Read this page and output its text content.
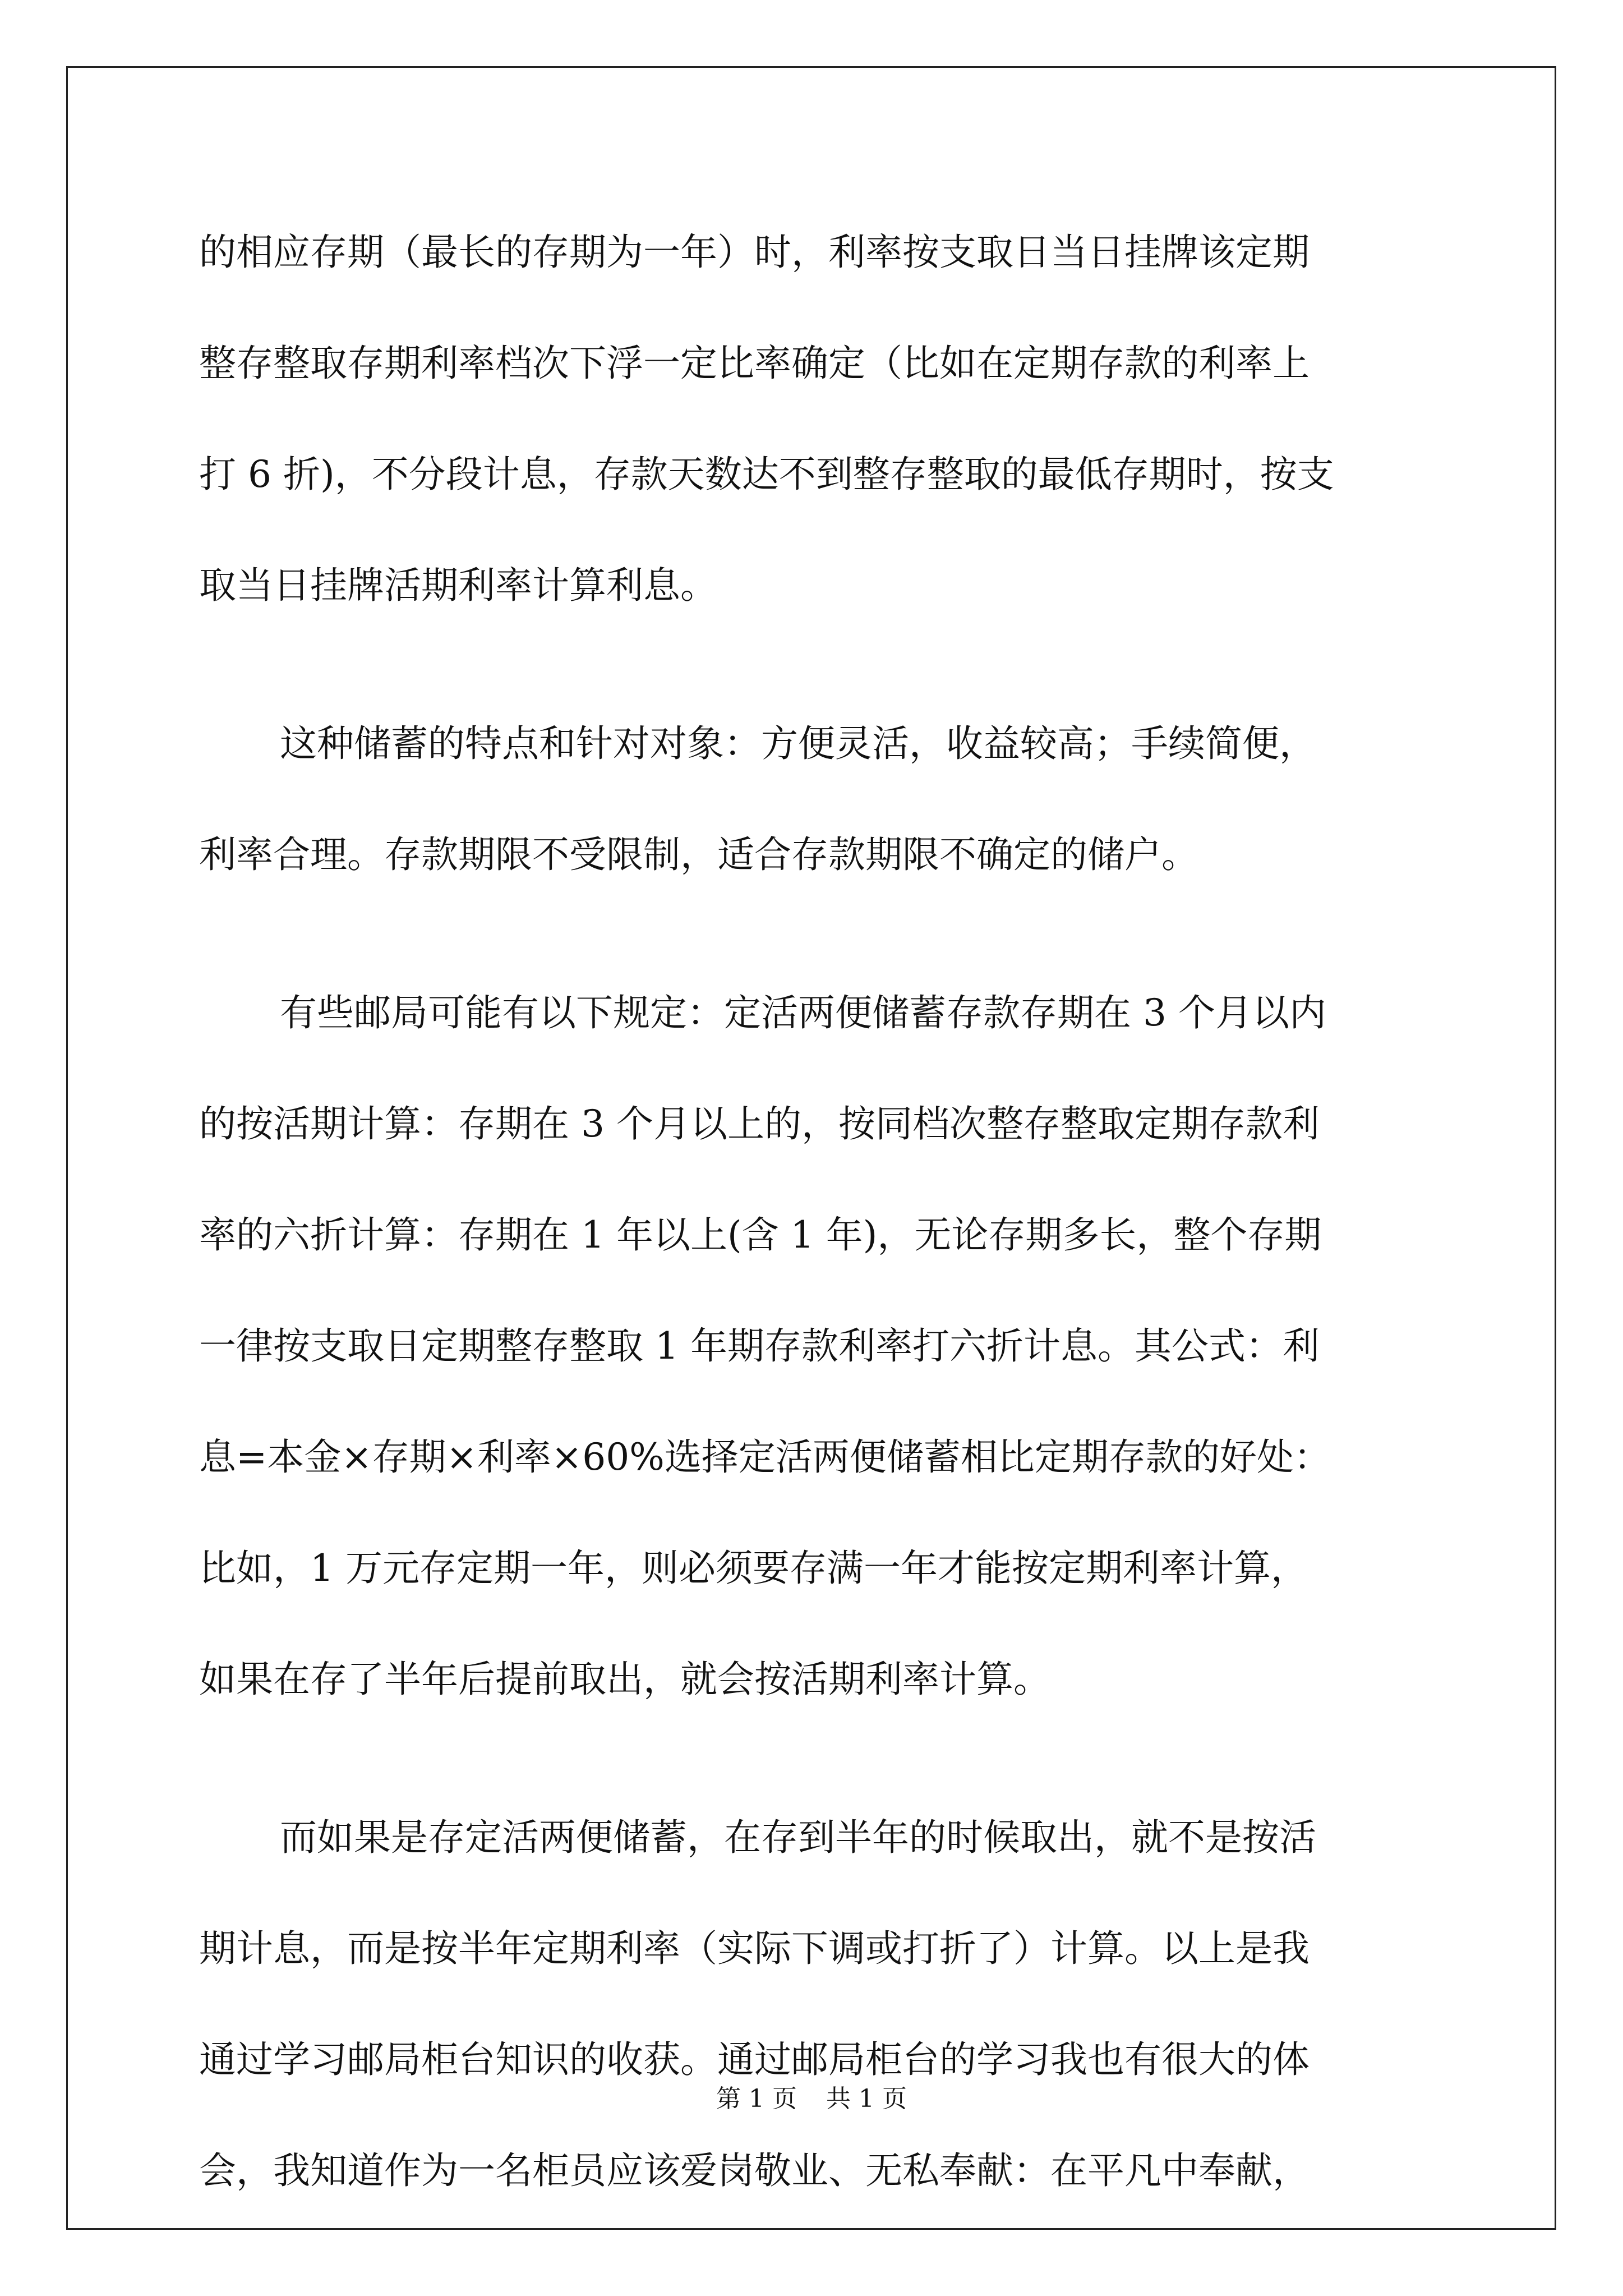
的相应存期（最长的存期为一年）时，利率按支取日当日挂牌该定期
整存整取存期利率档次下浮一定比率确定（比如在定期存款的利率上
打 6 折)，不分段计息，存款天数达不到整存整取的最低存期时，按支
取当日挂牌活期利率计算利息。
这种储蓄的特点和针对对象：方便灵活，收益较高；手续简便，
利率合理。存款期限不受限制，适合存款期限不确定的储户。
有些邮局可能有以下规定：定活两便储蓄存款存期在 3 个月以内
的按活期计算：存期在 3 个月以上的，按同档次整存整取定期存款利
率的六折计算：存期在 1 年以上(含 1 年)，无论存期多长，整个存期
一律按支取日定期整存整取 1 年期存款利率打六折计息。其公式：利
息=本金×存期×利率×60%选择定活两便储蓄相比定期存款的好处：
比如，1 万元存定期一年，则必须要存满一年才能按定期利率计算，
如果在存了半年后提前取出，就会按活期利率计算。
而如果是存定活两便储蓄，在存到半年的时候取出，就不是按活
期计息，而是按半年定期利率（实际下调或打折了）计算。以上是我
通过学习邮局柜台知识的收获。通过邮局柜台的学习我也有很大的体
会，我知道作为一名柜员应该爱岗敬业、无私奉献：在平凡中奉献，
第 1 页 共 1 页
